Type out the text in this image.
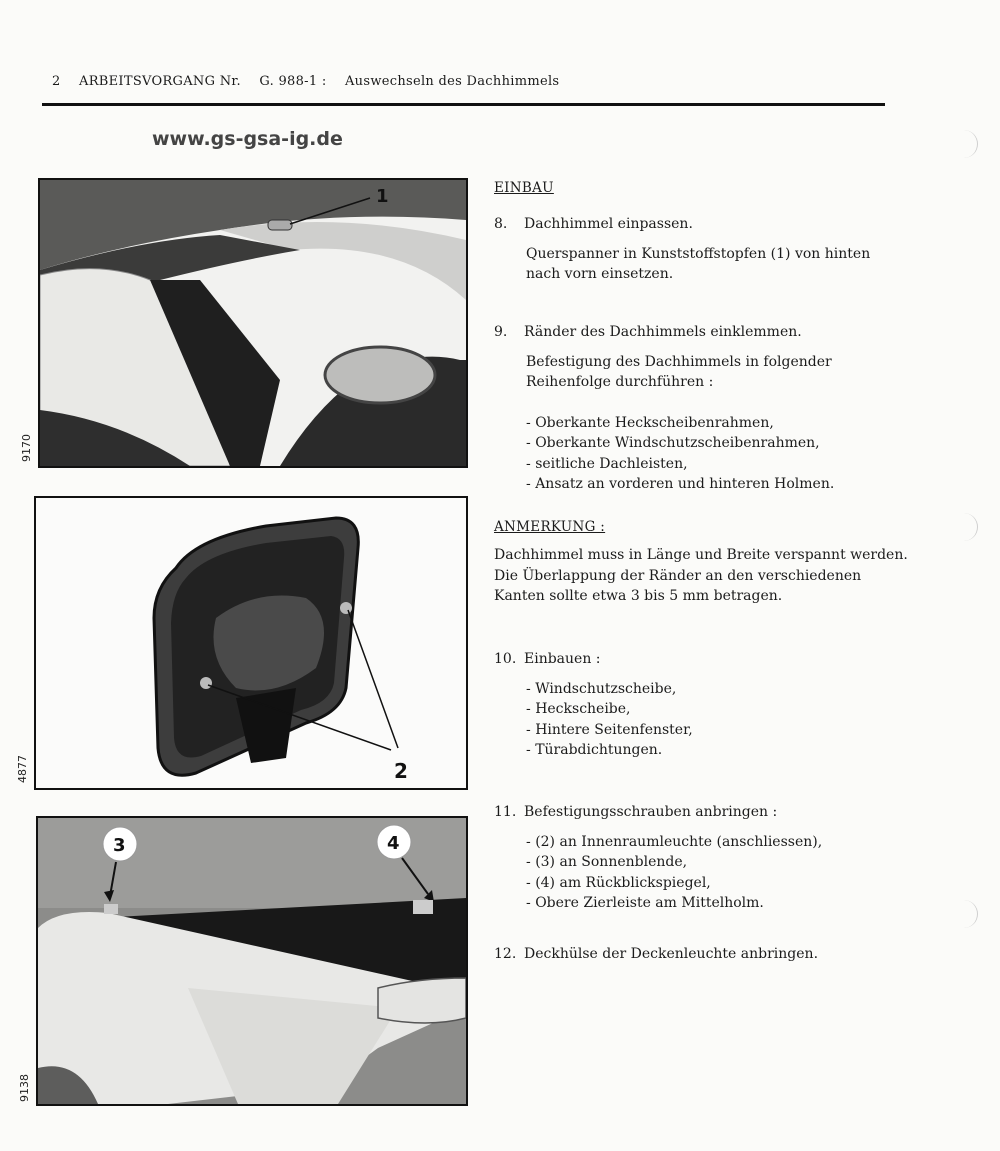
2 ARBEITSVORGANG Nr. G. 988-1 : Auswechseln des Dachhimmels
www.gs-gsa-ig.de
1
9170
2
4877
3	4
9138
EINBAU
8. Dachhimmel einpassen.
Querspanner in Kunststoffstopfen (1) von hinten
nach vorn einsetzen.
9. Ränder des Dachhimmels einklemmen.
Befestigung des Dachhimmels in folgender
Reihenfolge durchführen :
- Oberkante Heckscheibenrahmen,
- Oberkante Windschutzscheibenrahmen,
- seitliche Dachleisten,
- Ansatz an vorderen und hinteren Holmen.
ANMERKUNG :
Dachhimmel muss in Länge und Breite verspannt werden.
Die Überlappung der Ränder an den verschiedenen
Kanten sollte etwa 3 bis 5 mm betragen.
10. Einbauen :
- Windschutzscheibe,
- Heckscheibe,
- Hintere Seitenfenster,
- Türabdichtungen.
11. Befestigungsschrauben anbringen :
- (2) an Innenraumleuchte (anschliessen),
- (3) an Sonnenblende,
- (4) am Rückblickspiegel,
- Obere Zierleiste am Mittelholm.
12. Deckhülse der Deckenleuchte anbringen.
